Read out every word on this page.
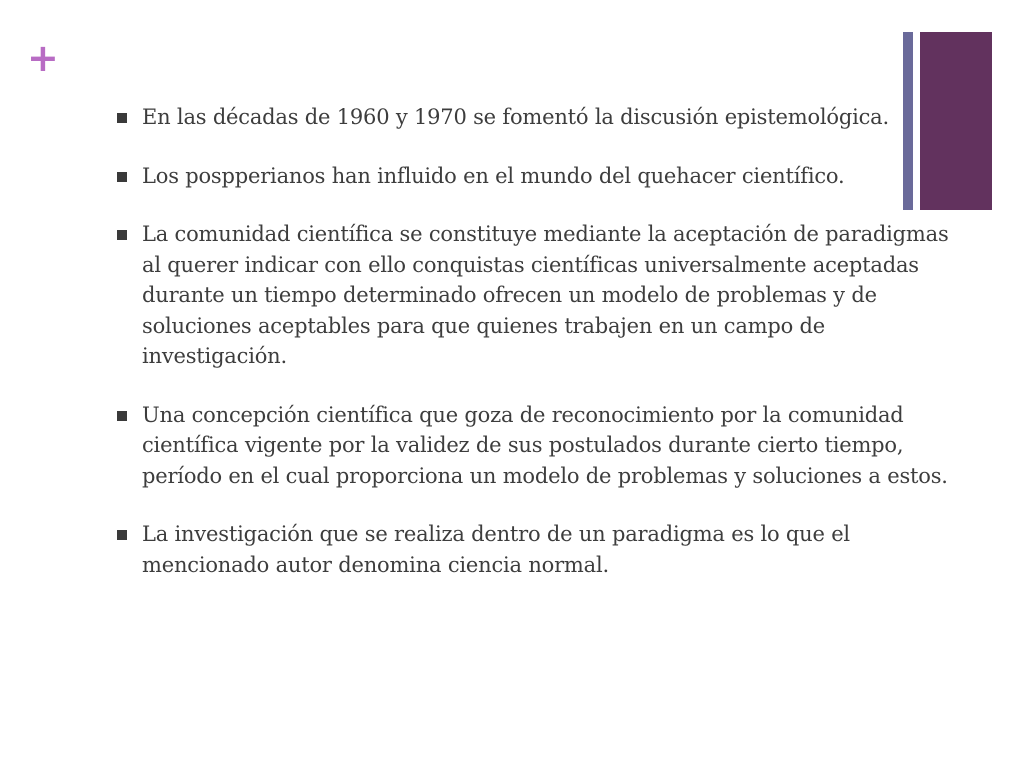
+
En las décadas de 1960 y 1970 se fomentó la discusión epistemológica.
Los pospperianos han influido en el mundo del quehacer científico.
La comunidad científica se constituye mediante la aceptación de paradigmas al querer indicar con ello conquistas científicas universalmente aceptadas durante un tiempo determinado ofrecen un modelo de problemas y de soluciones aceptables para que quienes trabajen en un campo de investigación.
Una concepción científica que goza de reconocimiento por la comunidad científica vigente por la validez de sus postulados durante cierto tiempo, período en el cual proporciona un modelo de problemas y soluciones a estos.
La investigación que se realiza dentro de un paradigma es lo que el mencionado autor denomina ciencia normal.
